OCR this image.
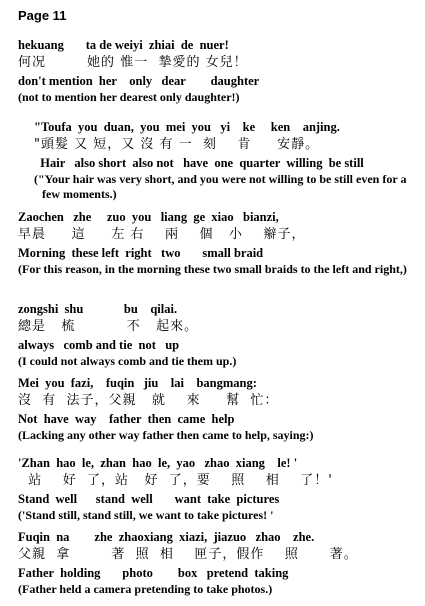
Page 11
hekuang       ta de weiyi  zhiai  de  nuer!
何况        她的 惟一  摯愛的 女兒！
don't mention  her    only   dear        daughter
(not to mention her dearest only daughter!)
"Toufa  you  duan,  you  mei  you   yi    ke     ken    anjing.
"頭髮 又 短，又 沒 有 一  刻    肯     安靜。
Hair   also short  also not   have  one  quarter  willing  be still
("Your hair was very short, and you were not willing to be still even for a few moments.)
Zaochen   zhe     zuo  you   liang  ge  xiao   bianzi,
早晨     這     左 右    兩    個   小    辮子，
Morning  these left  right   two       small braid
(For this reason, in the morning these two small braids to the left and right,)
zongshi  shu             bu    qilai.
總是   梳          不   起來。
always   comb and tie  not   up
(I could not always comb and tie them up.)
Mei  you  fazi,    fuqin   jiu    lai    bangmang:
沒  有  法子，父親   就    來     幫  忙：
Not  have  way    father  then  came  help
(Lacking any other way father then came to help, saying:)
'Zhan  hao  le,  zhan  hao  le,  yao   zhao  xiang    le! '
站    好  了，站   好  了，要    照    相    了！'
Stand  well      stand  well       want  take  pictures
('Stand still, stand still, we want to take pictures! '
Fuqin  na        zhe  zhaoxiang  xiazi,  jiazuo   zhao    zhe.
父親  拿        著  照  相    匣子，假作    照      著。
Father  holding       photo        box   pretend  taking
(Father held a camera pretending to take photos.)
